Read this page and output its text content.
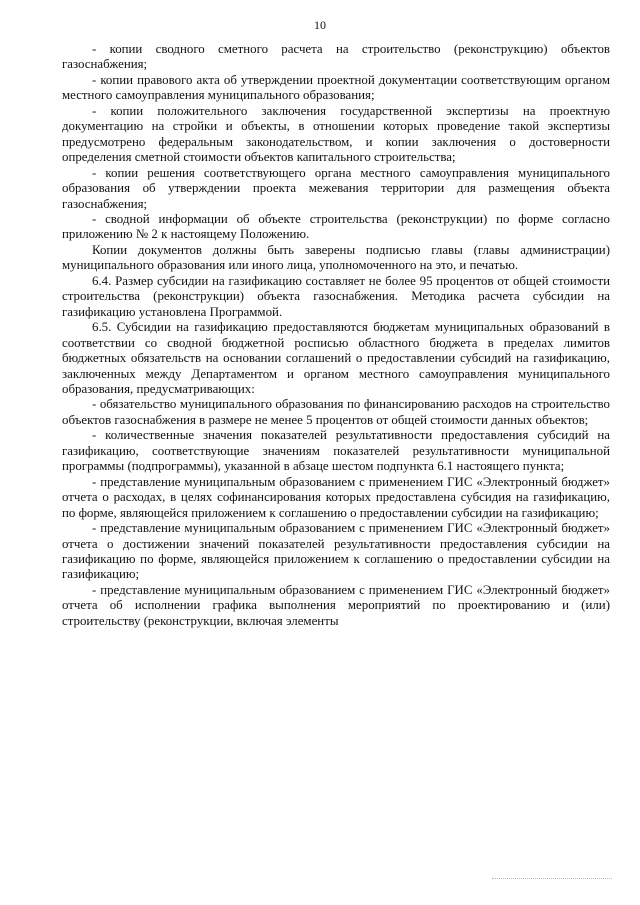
10

- копии сводного сметного расчета на строительство (реконструкцию) объектов газоснабжения;

- копии правового акта об утверждении проектной документации соответствующим органом местного самоуправления муниципального образования;

- копии положительного заключения государственной экспертизы на проектную документацию на стройки и объекты, в отношении которых проведение такой экспертизы предусмотрено федеральным законодательством, и копии заключения о достоверности определения сметной стоимости объектов капитального строительства;

- копии решения соответствующего органа местного самоуправления муниципального образования об утверждении проекта межевания территории для размещения объекта газоснабжения;

- сводной информации об объекте строительства (реконструкции) по форме согласно приложению № 2 к настоящему Положению.

Копии документов должны быть заверены подписью главы (главы администрации) муниципального образования или иного лица, уполномоченного на это, и печатью.

6.4. Размер субсидии на газификацию составляет не более 95 процентов от общей стоимости строительства (реконструкции) объекта газоснабжения. Методика расчета субсидии на газификацию установлена Программой.

6.5. Субсидии на газификацию предоставляются бюджетам муниципальных образований в соответствии со сводной бюджетной росписью областного бюджета в пределах лимитов бюджетных обязательств на основании соглашений о предоставлении субсидий на газификацию, заключенных между Департаментом и органом местного самоуправления муниципального образования, предусматривающих:

- обязательство муниципального образования по финансированию расходов на строительство объектов газоснабжения в размере не менее 5 процентов от общей стоимости данных объектов;

- количественные значения показателей результативности предоставления субсидий на газификацию, соответствующие значениям показателей результативности муниципальной программы (подпрограммы), указанной в абзаце шестом подпункта 6.1 настоящего пункта;

- представление муниципальным образованием с применением ГИС «Электронный бюджет» отчета о расходах, в целях софинансирования которых предоставлена субсидия на газификацию, по форме, являющейся приложением к соглашению о предоставлении субсидии на газификацию;

- представление муниципальным образованием с применением ГИС «Электронный бюджет» отчета о достижении значений показателей результативности предоставления субсидии на газификацию по форме, являющейся приложением к соглашению о предоставлении субсидии на газификацию;

- представление муниципальным образованием с применением ГИС «Электронный бюджет» отчета об исполнении графика выполнения мероприятий по проектированию и (или) строительству (реконструкции, включая элементы
